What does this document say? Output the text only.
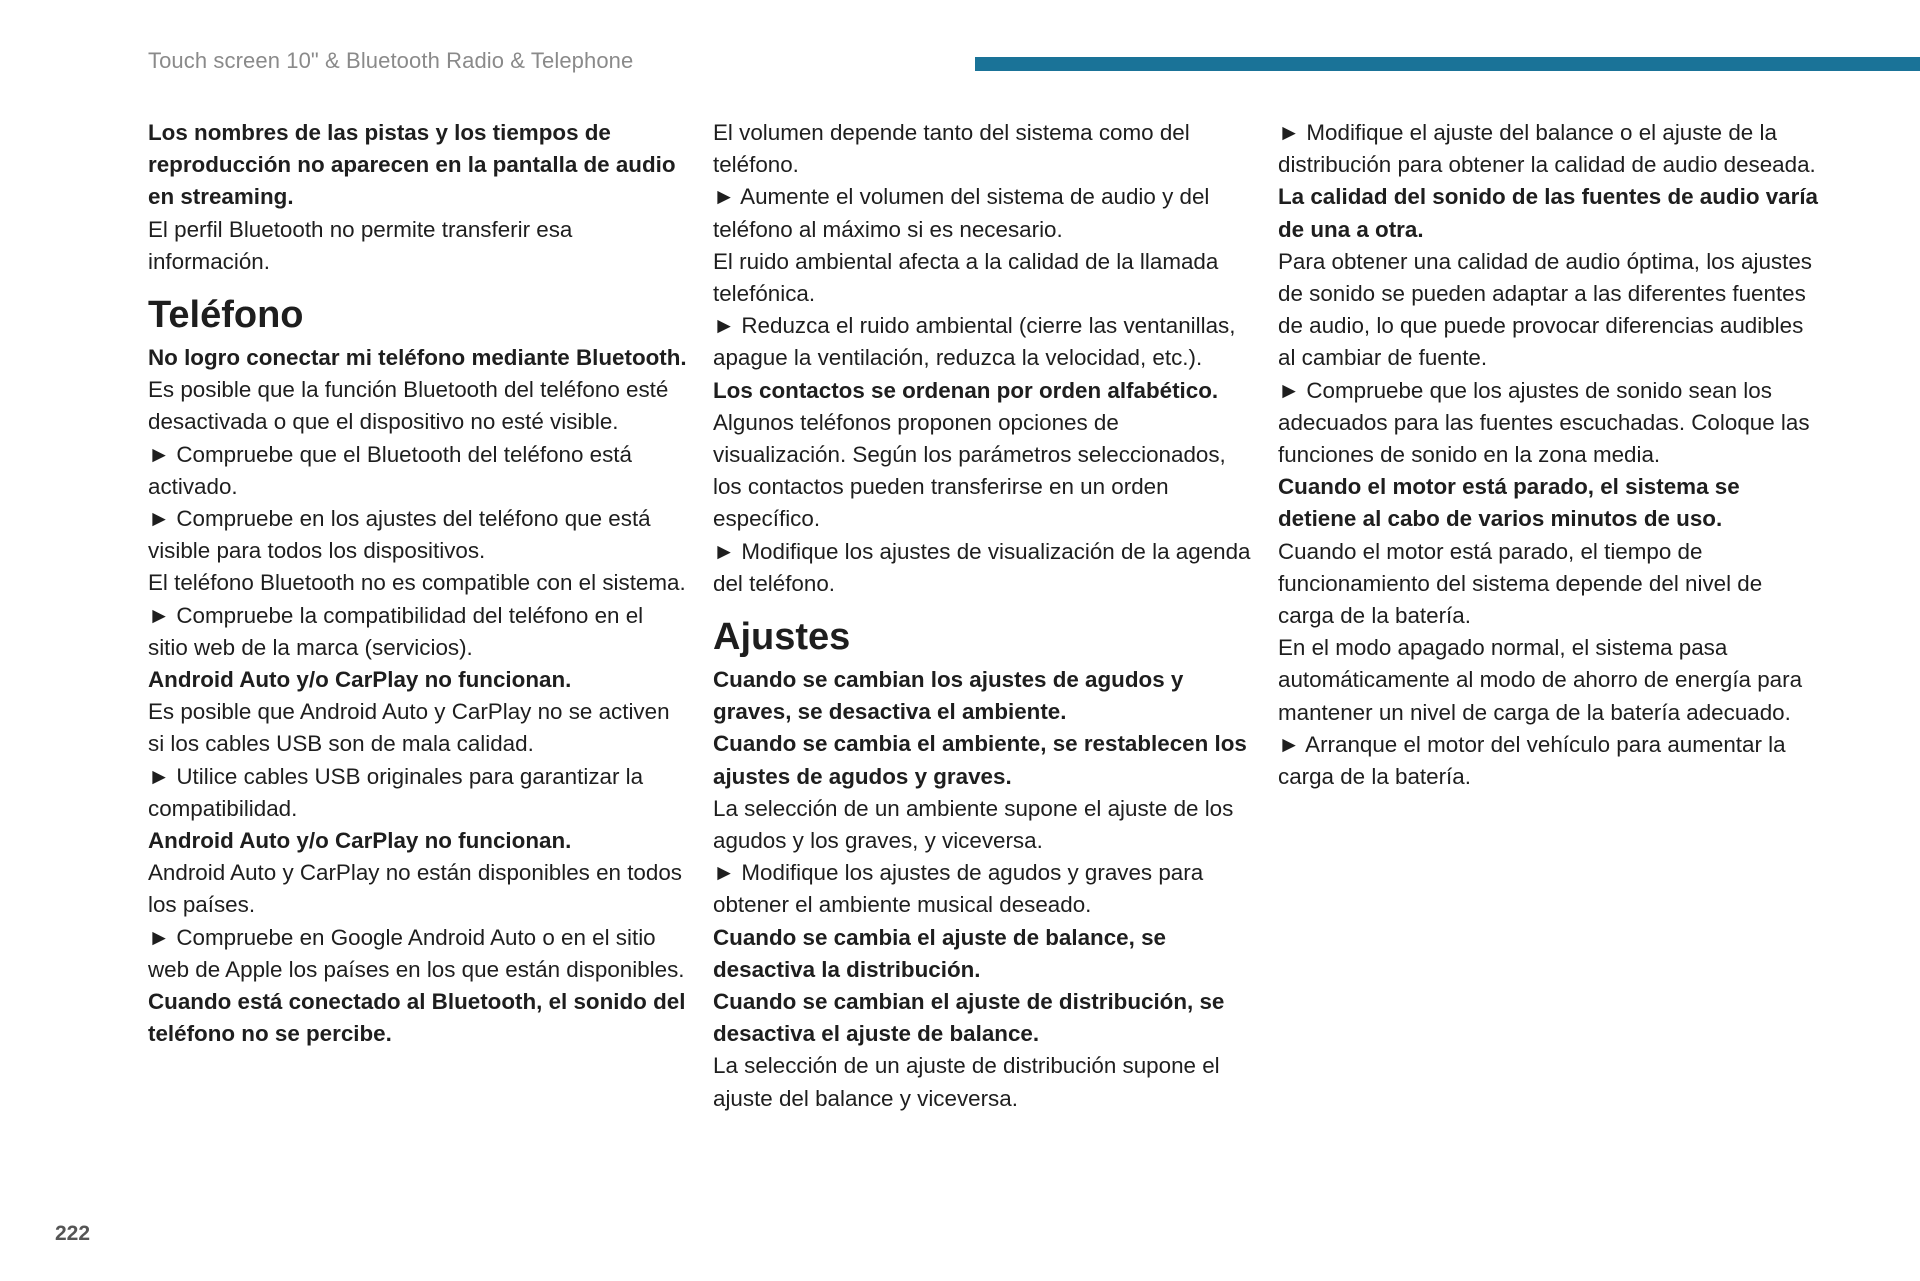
Touch screen 10" & Bluetooth Radio & Telephone

Los nombres de las pistas y los tiempos de reproducción no aparecen en la pantalla de audio en streaming.

El perfil Bluetooth no permite transferir esa información.

Teléfono

No logro conectar mi teléfono mediante Bluetooth.

Es posible que la función Bluetooth del teléfono esté desactivada o que el dispositivo no esté visible.

► Compruebe que el Bluetooth del teléfono está activado.

► Compruebe en los ajustes del teléfono que está visible para todos los dispositivos.

El teléfono Bluetooth no es compatible con el sistema.

► Compruebe la compatibilidad del teléfono en el sitio web de la marca (servicios).

Android Auto y/o CarPlay no funcionan.

Es posible que Android Auto y CarPlay no se activen si los cables USB son de mala calidad.

► Utilice cables USB originales para garantizar la compatibilidad.

Android Auto y/o CarPlay no funcionan.

Android Auto y CarPlay no están disponibles en todos los países.

► Compruebe en Google Android Auto o en el sitio web de Apple los países en los que están disponibles.

Cuando está conectado al Bluetooth, el sonido del teléfono no se percibe.

El volumen depende tanto del sistema como del teléfono.

► Aumente el volumen del sistema de audio y del teléfono al máximo si es necesario.

El ruido ambiental afecta a la calidad de la llamada telefónica.

► Reduzca el ruido ambiental (cierre las ventanillas, apague la ventilación, reduzca la velocidad, etc.).

Los contactos se ordenan por orden alfabético.

Algunos teléfonos proponen opciones de visualización. Según los parámetros seleccionados, los contactos pueden transferirse en un orden específico.

► Modifique los ajustes de visualización de la agenda del teléfono.

Ajustes

Cuando se cambian los ajustes de agudos y graves, se desactiva el ambiente.

Cuando se cambia el ambiente, se restablecen los ajustes de agudos y graves.

La selección de un ambiente supone el ajuste de los agudos y los graves, y viceversa.

► Modifique los ajustes de agudos y graves para obtener el ambiente musical deseado.

Cuando se cambia el ajuste de balance, se desactiva la distribución.

Cuando se cambian el ajuste de distribución, se desactiva el ajuste de balance.

La selección de un ajuste de distribución supone el ajuste del balance y viceversa.

► Modifique el ajuste del balance o el ajuste de la distribución para obtener la calidad de audio deseada.

La calidad del sonido de las fuentes de audio varía de una a otra.

Para obtener una calidad de audio óptima, los ajustes de sonido se pueden adaptar a las diferentes fuentes de audio, lo que puede provocar diferencias audibles al cambiar de fuente.

► Compruebe que los ajustes de sonido sean los adecuados para las fuentes escuchadas. Coloque las funciones de sonido en la zona media.

Cuando el motor está parado, el sistema se detiene al cabo de varios minutos de uso.

Cuando el motor está parado, el tiempo de funcionamiento del sistema depende del nivel de carga de la batería.

En el modo apagado normal, el sistema pasa automáticamente al modo de ahorro de energía para mantener un nivel de carga de la batería adecuado.

► Arranque el motor del vehículo para aumentar la carga de la batería.

222
